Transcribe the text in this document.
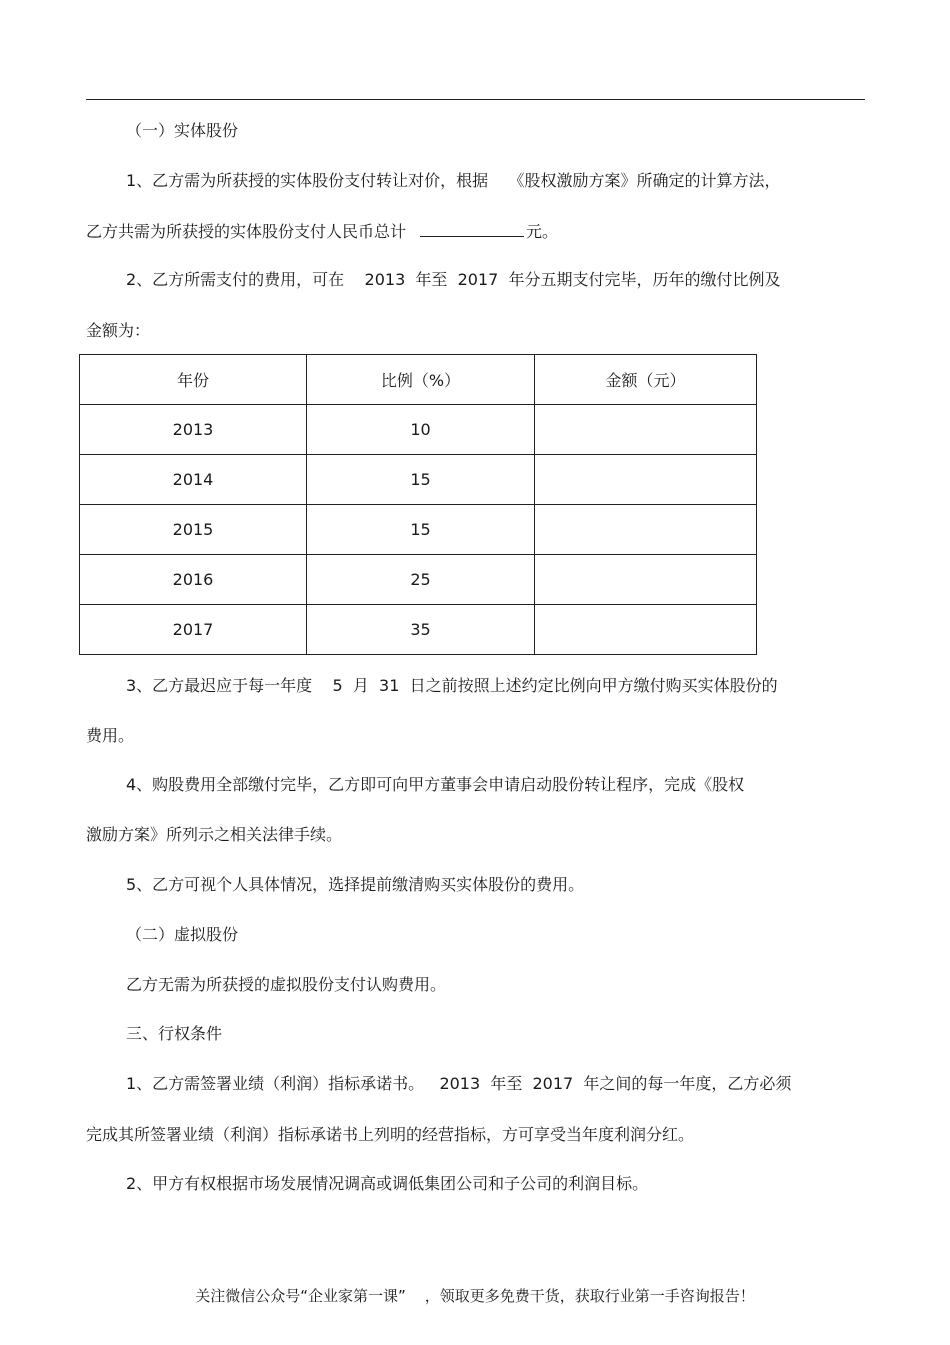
（一）实体股份
1、乙方需为所获授的实体股份支付转让对价，根据    《股权激励方案》所确定的计算方法，
乙方共需为所获授的实体股份支付人民币总计	元。
2、乙方所需支付的费用，可在    2013  年至  2017  年分五期支付完毕，历年的缴付比例及
金额为：
年份	比例（%）	金额（元）
2013	10	
2014	15	
2015	15	
2016	25	
2017	35	
3、乙方最迟应于每一年度    5  月  31  日之前按照上述约定比例向甲方缴付购买实体股份的
费用。
4、购股费用全部缴付完毕，乙方即可向甲方董事会申请启动股份转让程序，完成《股权
激励方案》所列示之相关法律手续。
5、乙方可视个人具体情况，选择提前缴清购买实体股份的费用。
（二）虚拟股份
乙方无需为所获授的虚拟股份支付认购费用。
三、行权条件
1、乙方需签署业绩（利润）指标承诺书。   2013  年至  2017  年之间的每一年度，乙方必须
完成其所签署业绩（利润）指标承诺书上列明的经营指标，方可享受当年度利润分红。
2、甲方有权根据市场发展情况调高或调低集团公司和子公司的利润目标。
关注微信公众号“企业家第一课”    ，领取更多免费干货，获取行业第一手咨询报告！
